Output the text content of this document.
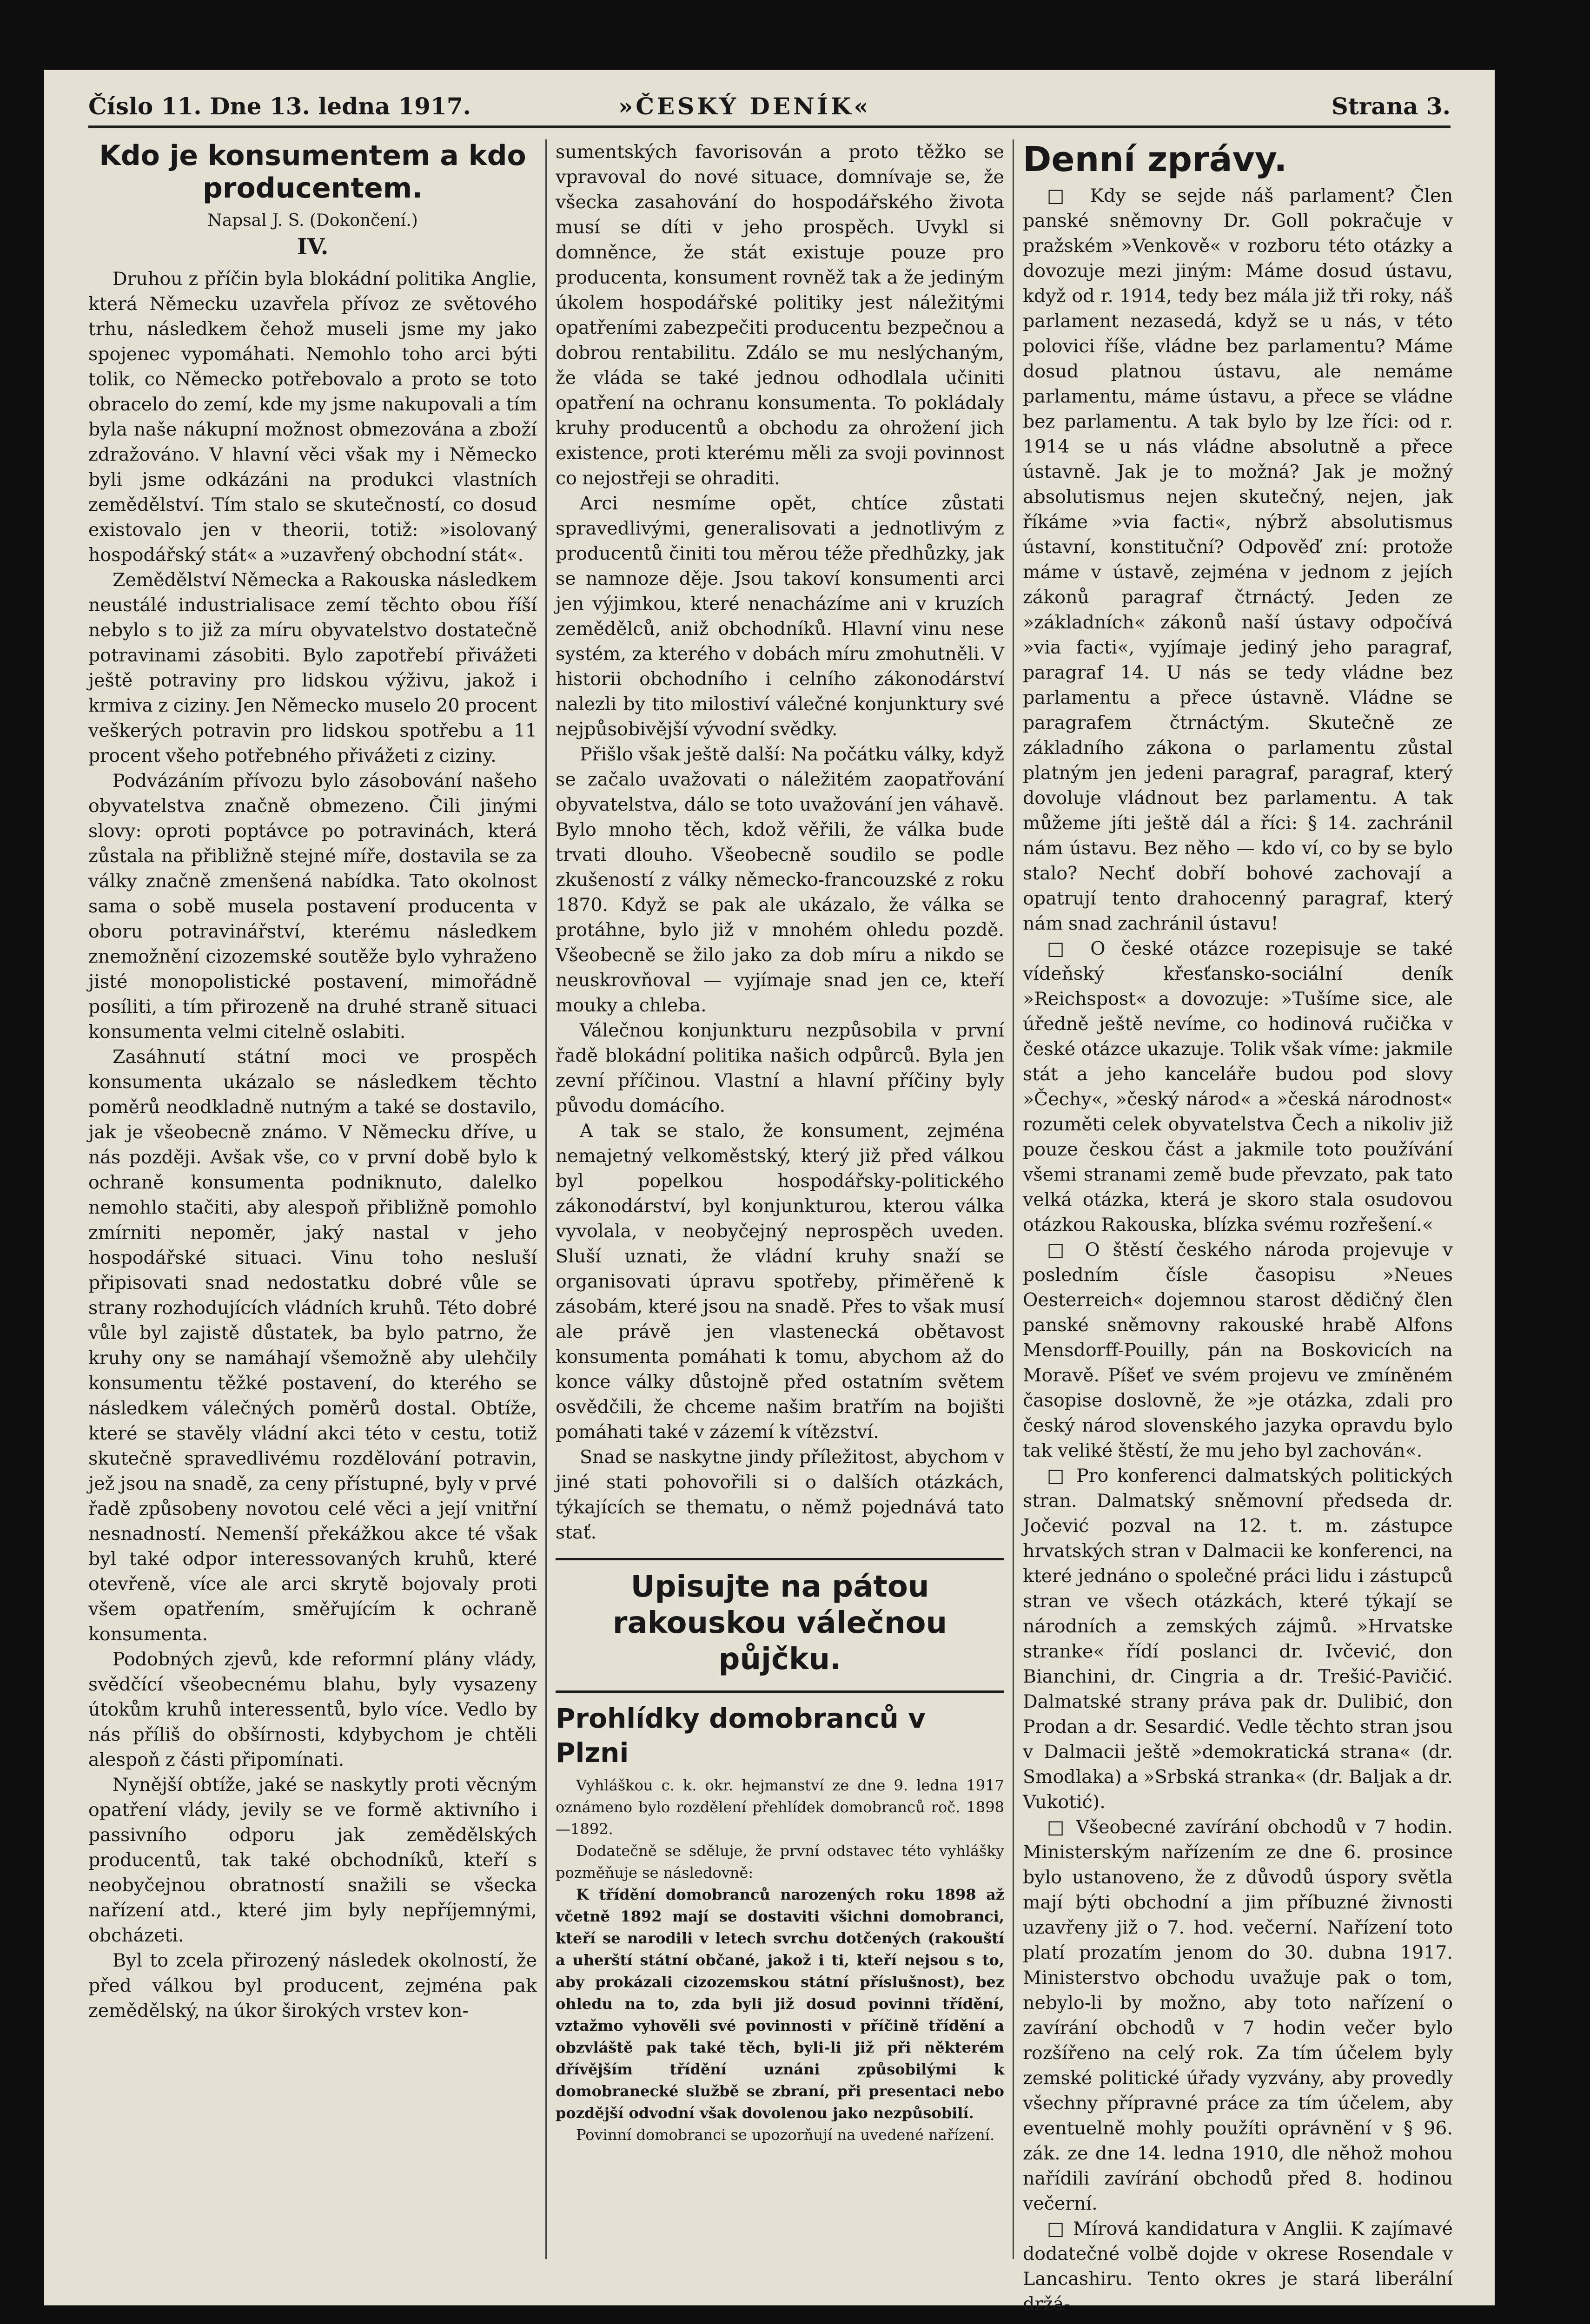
Číslo 11. Dne 13. ledna 1917.	»ČESKÝ DENÍK«	Strana 3.
Kdo je konsumentem a kdo producentem.
Napsal J. S. (Dokončení.)
IV.

Druhou z příčin byla blokádní politika Anglie, která Německu uzavřela přívoz ze světového trhu, následkem čehož museli jsme my jako spojenec vypomáhati. Nemohlo toho arci býti tolik, co Německo potřebovalo a proto se toto obracelo do zemí, kde my jsme nakupovali a tím byla naše nákupní možnost obmezována a zboží zdražováno. V hlavní věci však my i Německo byli jsme odkázáni na produkci vlastních zemědělství. Tím stalo se skutečností, co dosud existovalo jen v theorii, totiž: »isolovaný hospodářský stát« a »uzavřený obchodní stát«.

Zemědělství Německa a Rakouska následkem neustálé industrialisace zemí těchto obou říší nebylo s to již za míru obyvatelstvo dostatečně potravinami zásobiti. Bylo zapotřebí přivážeti ještě potraviny pro lidskou výživu, jakož i krmiva z ciziny. Jen Německo muselo 20 procent veškerých potravin pro lidskou spotřebu a 11 procent všeho potřebného přivážeti z ciziny.

Podvázáním přívozu bylo zásobování našeho obyvatelstva značně obmezeno. Čili jinými slovy: oproti poptávce po potravinách, která zůstala na přibližně stejné míře, dostavila se za války značně zmenšená nabídka. Tato okolnost sama o sobě musela postavení producenta v oboru potravinářství, kterému následkem znemožnění cizozemské soutěže bylo vyhraženo jisté monopolistické postavení, mimořádně posíliti, a tím přirozeně na druhé straně situaci konsumenta velmi citelně oslabiti.

Zasáhnutí státní moci ve prospěch konsumenta ukázalo se následkem těchto poměrů neodkladně nutným a také se dostavilo, jak je všeobecně známo. V Německu dříve, u nás později. Avšak vše, co v první době bylo k ochraně konsumenta podniknuto, dalelko nemohlo stačiti, aby alespoň přibližně pomohlo zmírniti nepoměr, jaký nastal v jeho hospodářské situaci. Vinu toho nesluší připisovati snad nedostatku dobré vůle se strany rozhodujících vládních kruhů. Této dobré vůle byl zajistě důstatek, ba bylo patrno, že kruhy ony se namáhají všemožně aby ulehčily konsumentu těžké postavení, do kterého se následkem válečných poměrů dostal. Obtíže, které se stavěly vládní akci této v cestu, totiž skutečně spravedlivému rozdělování potravin, jež jsou na snadě, za ceny přístupné, byly v prvé řadě způsobeny novotou celé věci a její vnitřní nesnadností. Nemenší překážkou akce té však byl také odpor interessovaných kruhů, které otevřeně, více ale arci skrytě bojovaly proti všem opatřením, směřujícím k ochraně konsumenta.

Podobných zjevů, kde reformní plány vlády, svědčící všeobecnému blahu, byly vysazeny útokům kruhů interessentů, bylo více. Vedlo by nás příliš do obšírnosti, kdybychom je chtěli alespoň z části připomínati.

Nynější obtíže, jaké se naskytly proti věcným opatření vlády, jevily se ve formě aktivního i passivního odporu jak zemědělských producentů, tak také obchodníků, kteří s neobyčejnou obratností snažili se všecka nařízení atd., které jim byly nepříjemnými, obcházeti.

Byl to zcela přirozený následek okolností, že před válkou byl producent, zejména pak zemědělský, na úkor širokých vrstev kon-

sumentských favorisován a proto těžko se vpravoval do nové situace, domnívaje se, že všecka zasahování do hospodářského života musí se díti v jeho prospěch. Uvykl si domněnce, že stát existuje pouze pro producenta, konsument rovněž tak a že jediným úkolem hospodářské politiky jest náležitými opatřeními zabezpečiti producentu bezpečnou a dobrou rentabilitu. Zdálo se mu neslýchaným, že vláda se také jednou odhodlala učiniti opatření na ochranu konsumenta. To pokládaly kruhy producentů a obchodu za ohrožení jich existence, proti kterému měli za svoji povinnost co nejostřeji se ohraditi.

Arci nesmíme opět, chtíce zůstati spravedlivými, generalisovati a jednotlivým z producentů činiti tou měrou téže předhůzky, jak se namnoze děje. Jsou takoví konsumenti arci jen výjimkou, které nenacházíme ani v kruzích zemědělců, aniž obchodníků. Hlavní vinu nese systém, za kterého v dobách míru zmohutněli. V historii obchodního i celního zákonodárství nalezli by tito milostiví válečné konjunktury své nejpůsobivější vývodní svědky.

Přišlo však ještě další: Na počátku války, když se začalo uvažovati o náležitém zaopatřování obyvatelstva, dálo se toto uvažování jen váhavě. Bylo mnoho těch, kdož věřili, že válka bude trvati dlouho. Všeobecně soudilo se podle zkušeností z války německo-francouzské z roku 1870. Když se pak ale ukázalo, že válka se protáhne, bylo již v mnohém ohledu pozdě. Všeobecně se žilo jako za dob míru a nikdo se neuskrovňoval — vyjímaje snad jen ce, kteří mouky a chleba.

Válečnou konjunkturu nezpůsobila v první řadě blokádní politika našich odpůrců. Byla jen zevní příčinou. Vlastní a hlavní příčiny byly původu domácího.

A tak se stalo, že konsument, zejména nemajetný velkoměstský, který již před válkou byl popelkou hospodářsky-politického zákonodárství, byl konjunkturou, kterou válka vyvolala, v neobyčejný neprospěch uveden. Sluší uznati, že vládní kruhy snaží se organisovati úpravu spotřeby, přiměřeně k zásobám, které jsou na snadě. Přes to však musí ale právě jen vlastenecká obětavost konsumenta pomáhati k tomu, abychom až do konce války důstojně před ostatním světem osvědčili, že chceme našim bratřím na bojišti pomáhati také v zázemí k vítězství.

Snad se naskytne jindy příležitost, abychom v jiné stati pohovořili si o dalších otázkách, týkajících se thematu, o němž pojednává tato stať.

Upisujte na pátou rakouskou válečnou půjčku.
Prohlídky domobranců v Plzni

Vyhláškou c. k. okr. hejmanství ze dne 9. ledna 1917 oznámeno bylo rozdělení přehlídek domobranců roč. 1898—1892.

Dodatečně se sděluje, že první odstavec této vyhlášky pozměňuje se následovně:

K třídění domobranců narozených roku 1898 až včetně 1892 mají se dostaviti všichni domobranci, kteří se narodili v letech svrchu dotčených (rakouští a uherští státní občané, jakož i ti, kteří nejsou s to, aby prokázali cizozemskou státní příslušnost), bez ohledu na to, zda byli již dosud povinni třídění, vztažmo vyhověli své povinnosti v příčině třídění a obzvláště pak také těch, byli-li již při některém dřívějším třídění uznáni způsobilými k domobranecké službě se zbraní, při presentaci nebo pozdější odvodní však dovolenou jako nezpůsobilí.

Povinní domobranci se upozorňují na uvedené nařízení.

Denní zprávy.

□ Kdy se sejde náš parlament? Člen panské sněmovny Dr. Goll pokračuje v pražském »Venkově« v rozboru této otázky a dovozuje mezi jiným: Máme dosud ústavu, když od r. 1914, tedy bez mála již tři roky, náš parlament nezasedá, když se u nás, v této polovici říše, vládne bez parlamentu? Máme dosud platnou ústavu, ale nemáme parlamentu, máme ústavu, a přece se vládne bez parlamentu. A tak bylo by lze říci: od r. 1914 se u nás vládne absolutně a přece ústavně. Jak je to možná? Jak je možný absolutismus nejen skutečný, nejen, jak říkáme »via facti«, nýbrž absolutismus ústavní, konstituční? Odpověď zní: protože máme v ústavě, zejména v jednom z jejích zákonů paragraf čtrnáctý. Jeden ze »základních« zákonů naší ústavy odpočívá »via facti«, vyjímaje jediný jeho paragraf, paragraf 14. U nás se tedy vládne bez parlamentu a přece ústavně. Vládne se paragrafem čtrnáctým. Skutečně ze základního zákona o parlamentu zůstal platným jen jedeni paragraf, paragraf, který dovoluje vládnout bez parlamentu. A tak můžeme jíti ještě dál a říci: § 14. zachránil nám ústavu. Bez něho — kdo ví, co by se bylo stalo? Nechť dobří bohové zachovají a opatrují tento drahocenný paragraf, který nám snad zachránil ústavu!

□ O české otázce rozepisuje se také vídeňský křesťansko-sociální deník »Reichspost« a dovozuje: »Tušíme sice, ale úředně ještě nevíme, co hodinová ručička v české otázce ukazuje. Tolik však víme: jakmile stát a jeho kanceláře budou pod slovy »Čechy«, »český národ« a »česká národnost« rozuměti celek obyvatelstva Čech a nikoliv již pouze českou část a jakmile toto používání všemi stranami země bude převzato, pak tato velká otázka, která je skoro stala osudovou otázkou Rakouska, blízka svému rozřešení.«

□ O štěstí českého národa projevuje v posledním čísle časopisu »Neues Oesterreich« dojemnou starost dědičný člen panské sněmovny rakouské hrabě Alfons Mensdorff-Pouilly, pán na Boskovicích na Moravě. Píšeť ve svém projevu ve zmíněném časopise doslovně, že »je otázka, zdali pro český národ slovenského jazyka opravdu bylo tak veliké štěstí, že mu jeho byl zachován«.

□ Pro konferenci dalmatských politických stran. Dalmatský sněmovní předseda dr. Jočević pozval na 12. t. m. zástupce hrvatských stran v Dalmacii ke konferenci, na které jednáno o společné práci lidu i zástupců stran ve všech otázkách, které týkají se národních a zemských zájmů. »Hrvatske stranke« řídí poslanci dr. Ivčević, don Bianchini, dr. Cingria a dr. Trešić-Pavičić. Dalmatské strany práva pak dr. Dulibić, don Prodan a dr. Sesardić. Vedle těchto stran jsou v Dalmacii ještě »demokratická strana« (dr. Smodlaka) a »Srbská stranka« (dr. Baljak a dr. Vukotić).

□ Všeobecné zavírání obchodů v 7 hodin. Ministerským nařízením ze dne 6. prosince bylo ustanoveno, že z důvodů úspory světla mají býti obchodní a jim příbuzné živnosti uzavřeny již o 7. hod. večerní. Nařízení toto platí prozatím jenom do 30. dubna 1917. Ministerstvo obchodu uvažuje pak o tom, nebylo-li by možno, aby toto nařízení o zavírání obchodů v 7 hodin večer bylo rozšířeno na celý rok. Za tím účelem byly zemské politické úřady vyzvány, aby provedly všechny přípravné práce za tím účelem, aby eventuelně mohly použíti oprávnění v § 96. zák. ze dne 14. ledna 1910, dle něhož mohou nařídili zavírání obchodů před 8. hodinou večerní.

□ Mírová kandidatura v Anglii. K zajímavé dodatečné volbě dojde v okrese Rosendale v Lancashiru. Tento okres je stará liberální držá-
